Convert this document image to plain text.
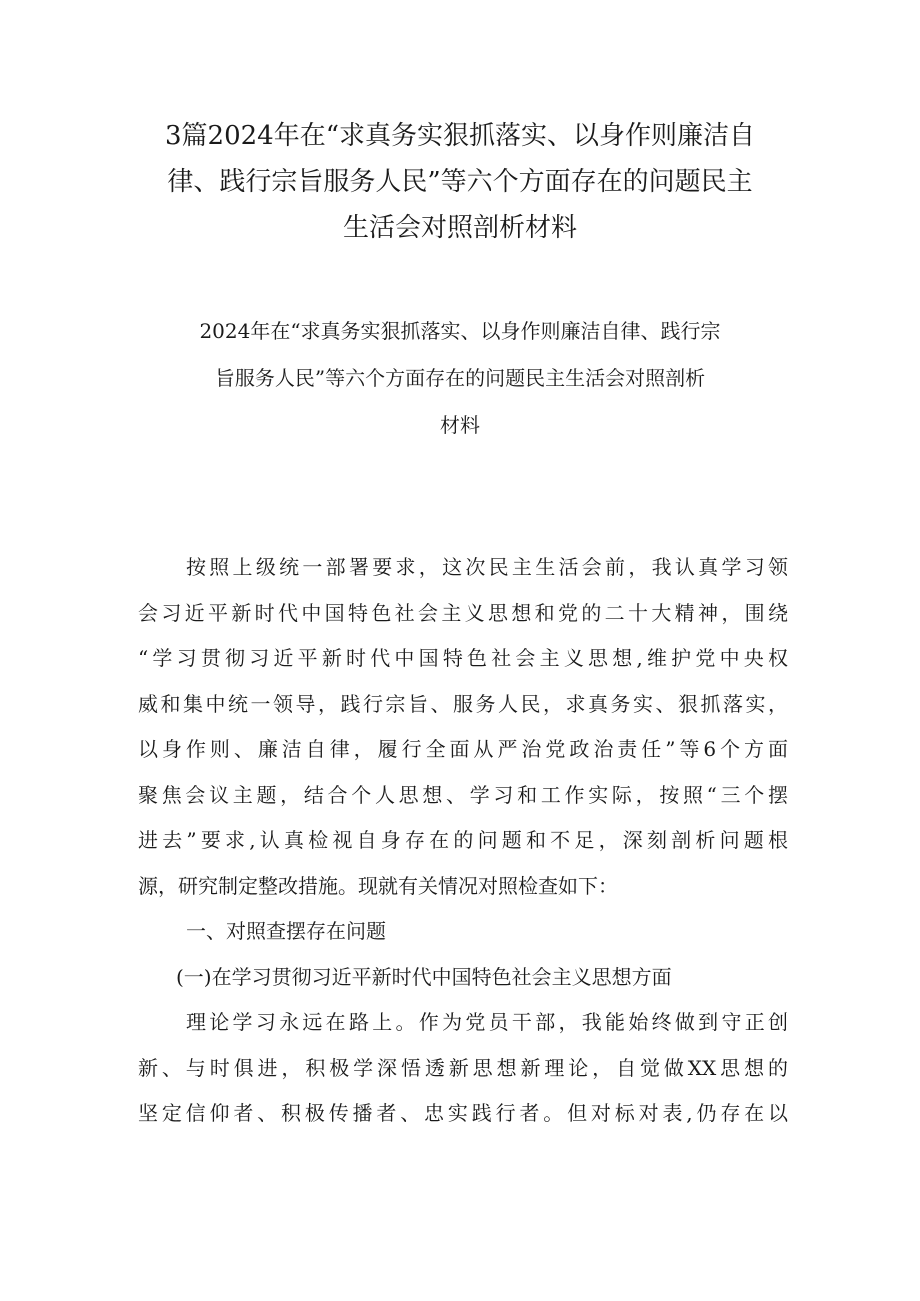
3篇2024年在“求真务实狠抓落实、以身作则廉洁自
律、践行宗旨服务人民”等六个方面存在的问题民主
生活会对照剖析材料
2024年在“求真务实狠抓落实、以身作则廉洁自律、践行宗
旨服务人民”等六个方面存在的问题民主生活会对照剖析
材料
按照上级统一部署要求，这次民主生活会前，我认真学习领
会习近平新时代中国特色社会主义思想和党的二十大精神，围绕
“学习贯彻习近平新时代中国特色社会主义思想,维护党中央权
威和集中统一领导，践行宗旨、服务人民，求真务实、狠抓落实，
以身作则、廉洁自律，履行全面从严治党政治责任”等6个方面
聚焦会议主题，结合个人思想、学习和工作实际，按照“三个摆
进去”要求,认真检视自身存在的问题和不足，深刻剖析问题根
源，研究制定整改措施。现就有关情况对照检查如下：
一、对照查摆存在问题
(一)在学习贯彻习近平新时代中国特色社会主义思想方面
理论学习永远在路上。作为党员干部，我能始终做到守正创
新、与时俱进，积极学深悟透新思想新理论，自觉做XX思想的
坚定信仰者、积极传播者、忠实践行者。但对标对表,仍存在以
